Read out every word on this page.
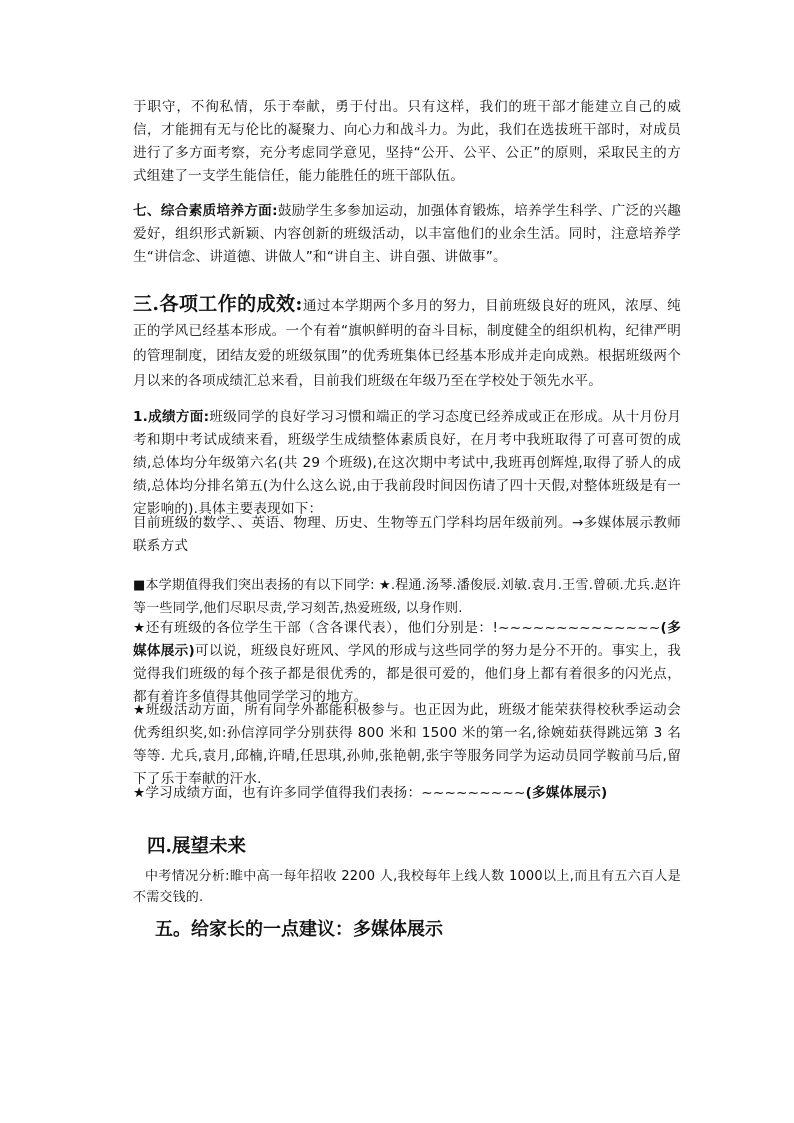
于职守，不徇私情，乐于奉献，勇于付出。只有这样，我们的班干部才能建立自己的威信，才能拥有无与伦比的凝聚力、向心力和战斗力。为此，我们在选拔班干部时，对成员进行了多方面考察，充分考虑同学意见，坚持“公开、公平、公正”的原则，采取民主的方式组建了一支学生能信任，能力能胜任的班干部队伍。
七、综合素质培养方面:鼓励学生多参加运动，加强体育锻炼，培养学生科学、广泛的兴趣爱好，组织形式新颖、内容创新的班级活动，以丰富他们的业余生活。同时，注意培养学生“讲信念、讲道德、讲做人”和“讲自主、讲自强、讲做事”。
三.各项工作的成效:通过本学期两个多月的努力，目前班级良好的班风，浓厚、纯正的学风已经基本形成。一个有着“旗帜鲜明的奋斗目标，制度健全的组织机构，纪律严明的管理制度，团结友爱的班级氛围”的优秀班集体已经基本形成并走向成熟。根据班级两个月以来的各项成绩汇总来看，目前我们班级在年级乃至在学校处于领先水平。
1.成绩方面:班级同学的良好学习习惯和端正的学习态度已经养成或正在形成。从十月份月考和期中考试成绩来看，班级学生成绩整体素质良好，在月考中我班取得了可喜可贺的成绩,总体均分年级第六名(共 29 个班级),在这次期中考试中,我班再创辉煌,取得了骄人的成绩,总体均分排名第五(为什么这么说,由于我前段时间因伤请了四十天假,对整体班级是有一定影响的).具体主要表现如下：
目前班级的数学、、英语、物理、历史、生物等五门学科均居年级前列。→多媒体展示教师联系方式
■本学期值得我们突出表扬的有以下同学: ★.程通.汤琴.潘俊辰.刘敏.袁月.王雪.曾硕.尤兵.赵许等一些同学,他们尽职尽责,学习刻苦,热爱班级, 以身作则.
★还有班级的各位学生干部（含各课代表），他们分别是：!~~~~~~~~~~~~~~(多媒体展示)可以说，班级良好班风、学风的形成与这些同学的努力是分不开的。事实上，我觉得我们班级的每个孩子都是很优秀的，都是很可爱的，他们身上都有着很多的闪光点，都有着许多值得其他同学学习的地方。
★班级活动方面，所有同学外都能积极参与。也正因为此，班级才能荣获得校秋季运动会优秀组织奖,如:孙信淳同学分别获得 800 米和 1500 米的第一名,徐婉茹获得跳远第 3 名等等. 尤兵,袁月,邱楠,许晴,任思琪,孙帅,张艳朝,张宇等服务同学为运动员同学鞍前马后,留下了乐于奉献的汗水.
★学习成绩方面，也有许多同学值得我们表扬：~~~~~~~~~(多媒体展示)
四.展望未来
中考情况分析:睢中高一每年招收 2200 人,我校每年上线人数 1000以上,而且有五六百人是不需交钱的.
五。给家长的一点建议：多媒体展示
